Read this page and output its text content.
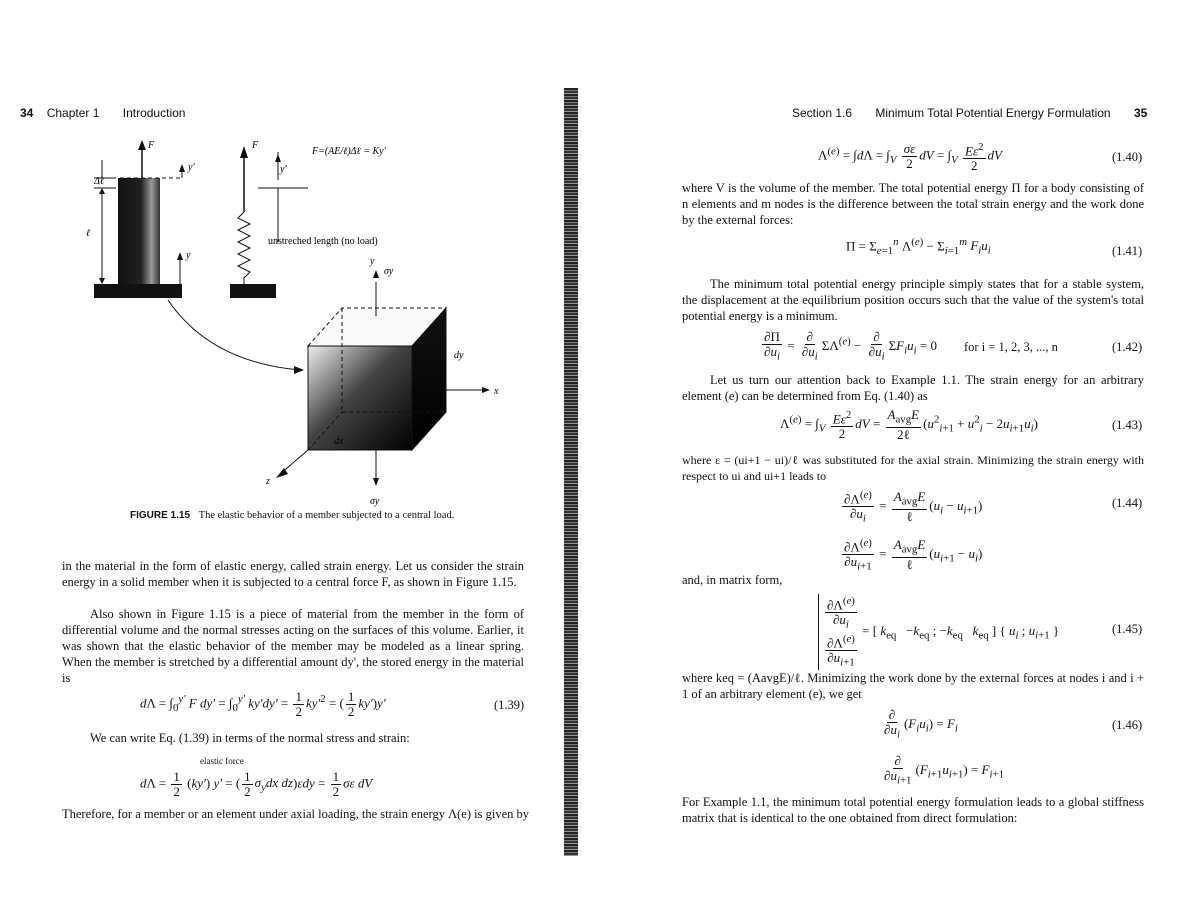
34 Chapter 1 Introduction
F
y'
Δℓ
ℓ
y
F
y'
F=(AE/ℓ)Δℓ = Ky'
unstreched length (no load)
y
σy
x
z
σy
dy
dz
dx
FIGURE 1.15 The elastic behavior of a member subjected to a central load.
in the material in the form of elastic energy, called strain energy. Let us consider the strain energy in a solid member when it is subjected to a central force F, as shown in Figure 1.15.
Also shown in Figure 1.15 is a piece of material from the member in the form of differential volume and the normal stresses acting on the surfaces of this volume. Earlier, it was shown that the elastic behavior of the member may be modeled as a linear spring. When the member is stretched by a differential amount dy', the stored energy in the material is
$d\Lambda = \int_0^{y'}$ F $dy' = \int_0^{y'}$ $ky'dy' = \frac{1}{2} ky'^2$ = ( $\frac{1}{2} ky')y'$	(1.39)
We can write Eq. (1.39) in terms of the normal stress and strain:
elastic force
$d\Lambda = \frac{1}{2} (ky') y'$ = ( $\frac{1}{2} \sigma_ydx$ $dz)\varepsilon dy = \frac{1}{2}$ σε dV
Therefore, for a member or an element under axial loading, the strain energy Λ(e) is given by
Section 1.6 Minimum Total Potential Energy Formulation 35
$\Lambda^{(e)} = \int d\Lambda = \int_V \frac{\sigma\varepsilon}{2}$ dV = $\int_V \frac{E\varepsilon^2}{2}$ dV	(1.40)
where V is the volume of the member. The total potential energy Π for a body consisting of n elements and m nodes is the difference between the total strain energy and the work done by the external forces:
$\Pi = \Sigma_{e=1}^n$ $\Lambda^{(e)} - \Sigma_{i=1}^m$ $F_iu_i$	(1.41)
The minimum total potential energy principle simply states that for a stable system, the displacement at the equilibrium position occurs such that the value of the system's total potential energy is a minimum.
$\frac{\partial\Pi}{\partial u_i} = \frac{\partial}{\partial u_i} \Sigma\Lambda^{(e)} - \frac{\partial}{\partial u_i} \Sigma F_iu_i = 0$ for i = 1, 2, 3, ..., n	(1.42)
Let us turn our attention back to Example 1.1. The strain energy for an arbitrary element (e) can be determined from Eq. (1.40) as
$\Lambda^{(e)} = \int_V \frac{E\varepsilon^2}{2}$ dV = $\frac{A_{avg}E}{\text{2ℓ}} (u^2_{i+1} + u^2_i - 2u_{i+1}u_i)$	(1.43)
where ε = (ui+1 − ui)/ℓ was substituted for the axial strain. Minimizing the strain energy with respect to ui and ui+1 leads to
$\frac{\partial\Lambda^{(e)}}{\partial u_i} = \frac{A_{avg}E}{\text{ℓ}} (u_i - u_{i+1})$
$\frac{\partial\Lambda^{(e)}}{\partial u_{i+1}} = \frac{A_{avg}E}{\text{ℓ}} (u_{i+1} - u_i)$
(1.44)
and, in matrix form,
$\frac{\partial\Lambda^{(e)}}{\partial u_i}$

$\frac{\partial\Lambda^{(e)}}{\partial u_{i+1}}$
= [ $k_{eq} -k_{eq}$ ; $-k_{eq}$ $k_{eq}$ ] { $u_i$ ; $u_{i+1}$ }	(1.45)
where keq = (AavgE)/ℓ. Minimizing the work done by the external forces at nodes i and i + 1 of an arbitrary element (e), we get
$\frac{\partial}{\partial u_i} (F_iu_i) = F_i$
$\frac{\partial}{\partial u_{i+1}} (F_{i+1}u_{i+1}) = F_{i+1}$
(1.46)
For Example 1.1, the minimum total potential energy formulation leads to a global stiffness matrix that is identical to the one obtained from direct formulation:
